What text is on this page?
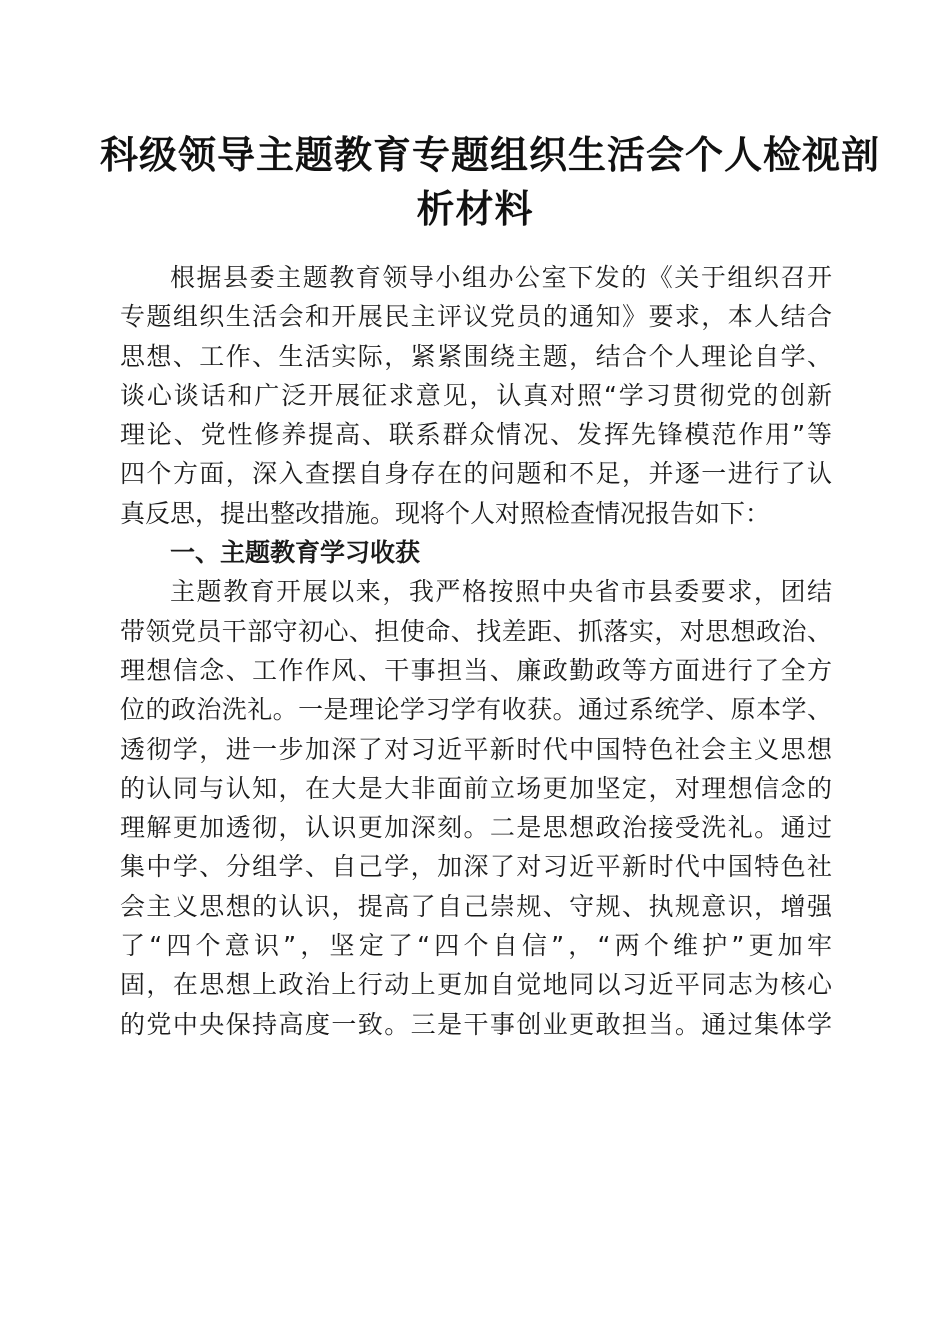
科级领导主题教育专题组织生活会个人检视剖
析材料
根据县委主题教育领导小组办公室下发的《关于组织召开
专题组织生活会和开展民主评议党员的通知》要求，本人结合
思想、工作、生活实际，紧紧围绕主题，结合个人理论自学、
谈心谈话和广泛开展征求意见，认真对照“学习贯彻党的创新
理论、党性修养提高、联系群众情况、发挥先锋模范作用”等
四个方面，深入查摆自身存在的问题和不足，并逐一进行了认
真反思，提出整改措施。现将个人对照检查情况报告如下：
一、主题教育学习收获
主题教育开展以来，我严格按照中央省市县委要求，团结
带领党员干部守初心、担使命、找差距、抓落实，对思想政治、
理想信念、工作作风、干事担当、廉政勤政等方面进行了全方
位的政治洗礼。一是理论学习学有收获。通过系统学、原本学、
透彻学，进一步加深了对习近平新时代中国特色社会主义思想
的认同与认知，在大是大非面前立场更加坚定，对理想信念的
理解更加透彻，认识更加深刻。二是思想政治接受洗礼。通过
集中学、分组学、自己学，加深了对习近平新时代中国特色社
会主义思想的认识，提高了自己崇规、守规、执规意识，增强
了“四个意识”，坚定了“四个自信”，“两个维护”更加牢
固，在思想上政治上行动上更加自觉地同以习近平同志为核心
的党中央保持高度一致。三是干事创业更敢担当。通过集体学
